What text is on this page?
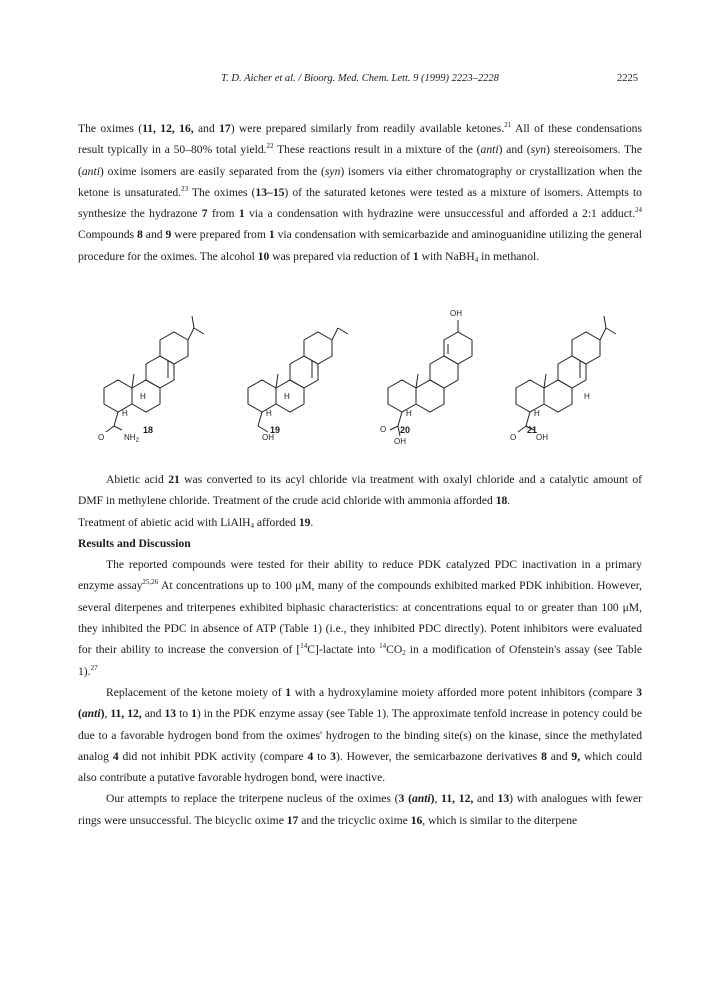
T. D. Aicher et al. / Bioorg. Med. Chem. Lett. 9 (1999) 2223–2228	2225

The oximes (11, 12, 16, and 17) were prepared similarly from readily available ketones.$^{21}$ All of these condensations result typically in a 50–80% total yield.$^{22}$ These reactions result in a mixture of the (anti) and (syn) stereoisomers. The (anti) oxime isomers are easily separated from the (syn) isomers via either chromatography or crystallization when the ketone is unsaturated.$^{23}$ The oximes (13–15) of the saturated ketones were tested as a mixture of isomers. Attempts to synthesize the hydrazone 7 from 1 via a condensation with hydrazine were unsuccessful and afforded a 2:1 adduct.$^{24}$ Compounds 8 and 9 were prepared from 1 via condensation with semicarbazide and aminoguanidine utilizing the general procedure for the oximes. The alcohol 10 was prepared via reduction of 1 with NaBH$_4$ in methanol.

H
H
O $NH_2$
H
H
OH
OH
H
O
OH
H
H
O OH
18	19	20	21

Abietic acid 21 was converted to its acyl chloride via treatment with oxalyl chloride and a catalytic amount of DMF in methylene chloride. Treatment of the crude acid chloride with ammonia afforded 18.

Treatment of abietic acid with LiAlH$_4$ afforded 19.

Results and Discussion

The reported compounds were tested for their ability to reduce PDK catalyzed PDC inactivation in a primary enzyme assay$^{25,26}$ At concentrations up to 100 μM, many of the compounds exhibited marked PDK inhibition. However, several diterpenes and triterpenes exhibited biphasic characteristics: at concentrations equal to or greater than 100 μM, they inhibited the PDC in absence of ATP (Table 1) (i.e., they inhibited PDC directly). Potent inhibitors were evaluated for their ability to increase the conversion of [$^{14}$C]-lactate into $^{14}CO_2$ in a modification of Ofenstein's assay (see Table 1).$^{27}$

Replacement of the ketone moiety of 1 with a hydroxylamine moiety afforded more potent inhibitors (compare 3 (anti), 11, 12, and 13 to 1) in the PDK enzyme assay (see Table 1). The approximate tenfold increase in potency could be due to a favorable hydrogen bond from the oximes' hydrogen to the binding site(s) on the kinase, since the methylated analog 4 did not inhibit PDK activity (compare 4 to 3). However, the semicarbazone derivatives 8 and 9, which could also contribute a putative favorable hydrogen bond, were inactive.

Our attempts to replace the triterpene nucleus of the oximes (3 (anti), 11, 12, and 13) with analogues with fewer rings were unsuccessful. The bicyclic oxime 17 and the tricyclic oxime 16, which is similar to the diterpene
